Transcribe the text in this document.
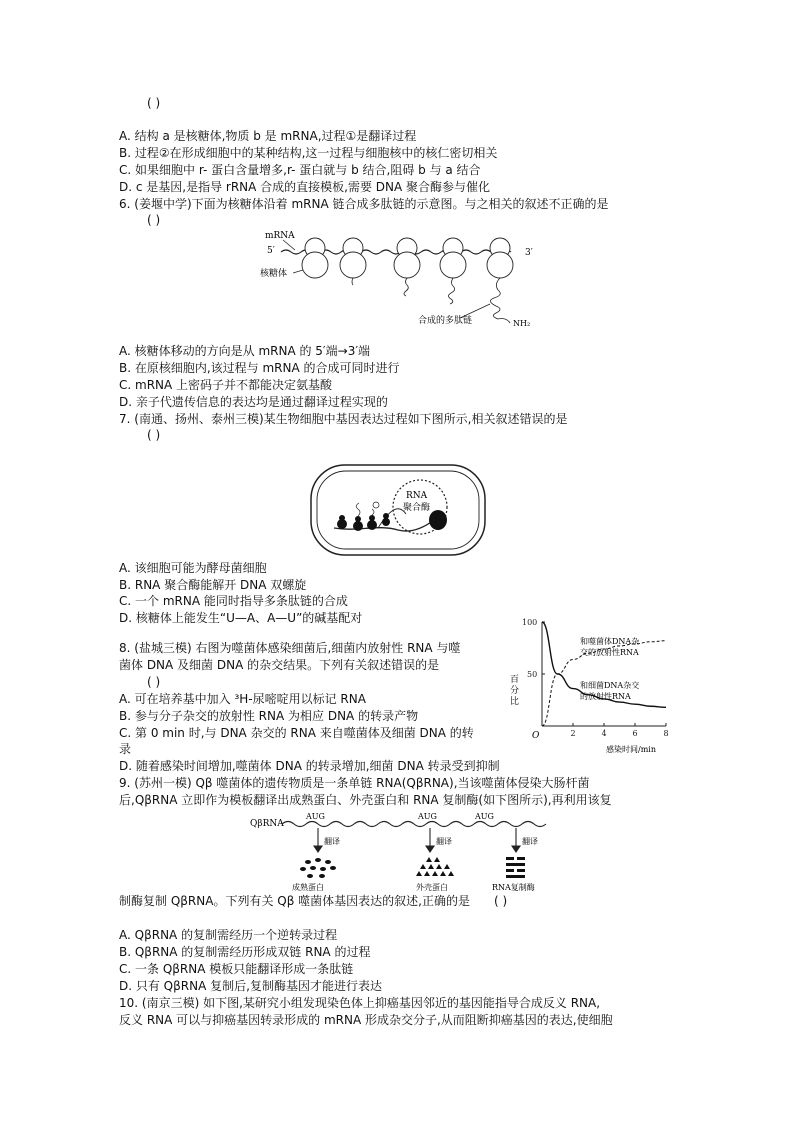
( )
A. 结构 a 是核糖体,物质 b 是 mRNA,过程①是翻译过程
B. 过程②在形成细胞中的某种结构,这一过程与细胞核中的核仁密切相关
C. 如果细胞中 r- 蛋白含量增多,r- 蛋白就与 b 结合,阻碍 b 与 a 结合
D. c 是基因,是指导 rRNA 合成的直接模板,需要 DNA 聚合酶参与催化
6. (姜堰中学)下面为核糖体沿着 mRNA 链合成多肽链的示意图。与之相关的叙述不正确的是
( )
mRNA
5′	3′
核糖体
合成的多肽链	NH₂
A. 核糖体移动的方向是从 mRNA 的 5′端→3′端
B. 在原核细胞内,该过程与 mRNA 的合成可同时进行
C. mRNA 上密码子并不都能决定氨基酸
D. 亲子代遗传信息的表达均是通过翻译过程实现的
7. (南通、扬州、泰州三模)某生物细胞中基因表达过程如下图所示,相关叙述错误的是
( )
RNA
聚合酶
A. 该细胞可能为酵母菌细胞
B. RNA 聚合酶能解开 DNA 双螺旋
C. 一个 mRNA 能同时指导多条肽链的合成
D. 核糖体上能发生“U—A、A—U”的碱基配对
8. (盐城三模) 右图为噬菌体感染细菌后,细菌内放射性 RNA 与噬
菌体 DNA 及细菌 DNA 的杂交结果。下列有关叙述错误的是
( )
A. 可在培养基中加入 ³H-尿嘧啶用以标记 RNA
B. 参与分子杂交的放射性 RNA 为相应 DNA 的转录产物
C. 第 0 min 时,与 DNA 杂交的 RNA 来自噬菌体及细菌 DNA 的转
录
D. 随着感染时间增加,噬菌体 DNA 的转录增加,细菌 DNA 转录受到抑制
2	4	6	8
50
100
百
分
比
O
感染时间/min
和噬菌体DNA杂
交的放射性RNA
和细菌DNA杂交
的放射性RNA
9. (苏州一模) Qβ 噬菌体的遗传物质是一条单链 RNA(QβRNA),当该噬菌体侵染大肠杆菌
后,QβRNA 立即作为模板翻译出成熟蛋白、外壳蛋白和 RNA 复制酶(如下图所示),再利用该复
QβRNA
AUG	AUG	AUG
翻译	翻译	翻译
成熟蛋白	外壳蛋白	RNA复制酶
制酶复制 QβRNA。下列有关 Qβ 噬菌体基因表达的叙述,正确的是 ( )
A. QβRNA 的复制需经历一个逆转录过程
B. QβRNA 的复制需经历形成双链 RNA 的过程
C. 一条 QβRNA 模板只能翻译形成一条肽链
D. 只有 QβRNA 复制后,复制酶基因才能进行表达
10. (南京三模) 如下图,某研究小组发现染色体上抑癌基因邻近的基因能指导合成反义 RNA,
反义 RNA 可以与抑癌基因转录形成的 mRNA 形成杂交分子,从而阻断抑癌基因的表达,使细胞
